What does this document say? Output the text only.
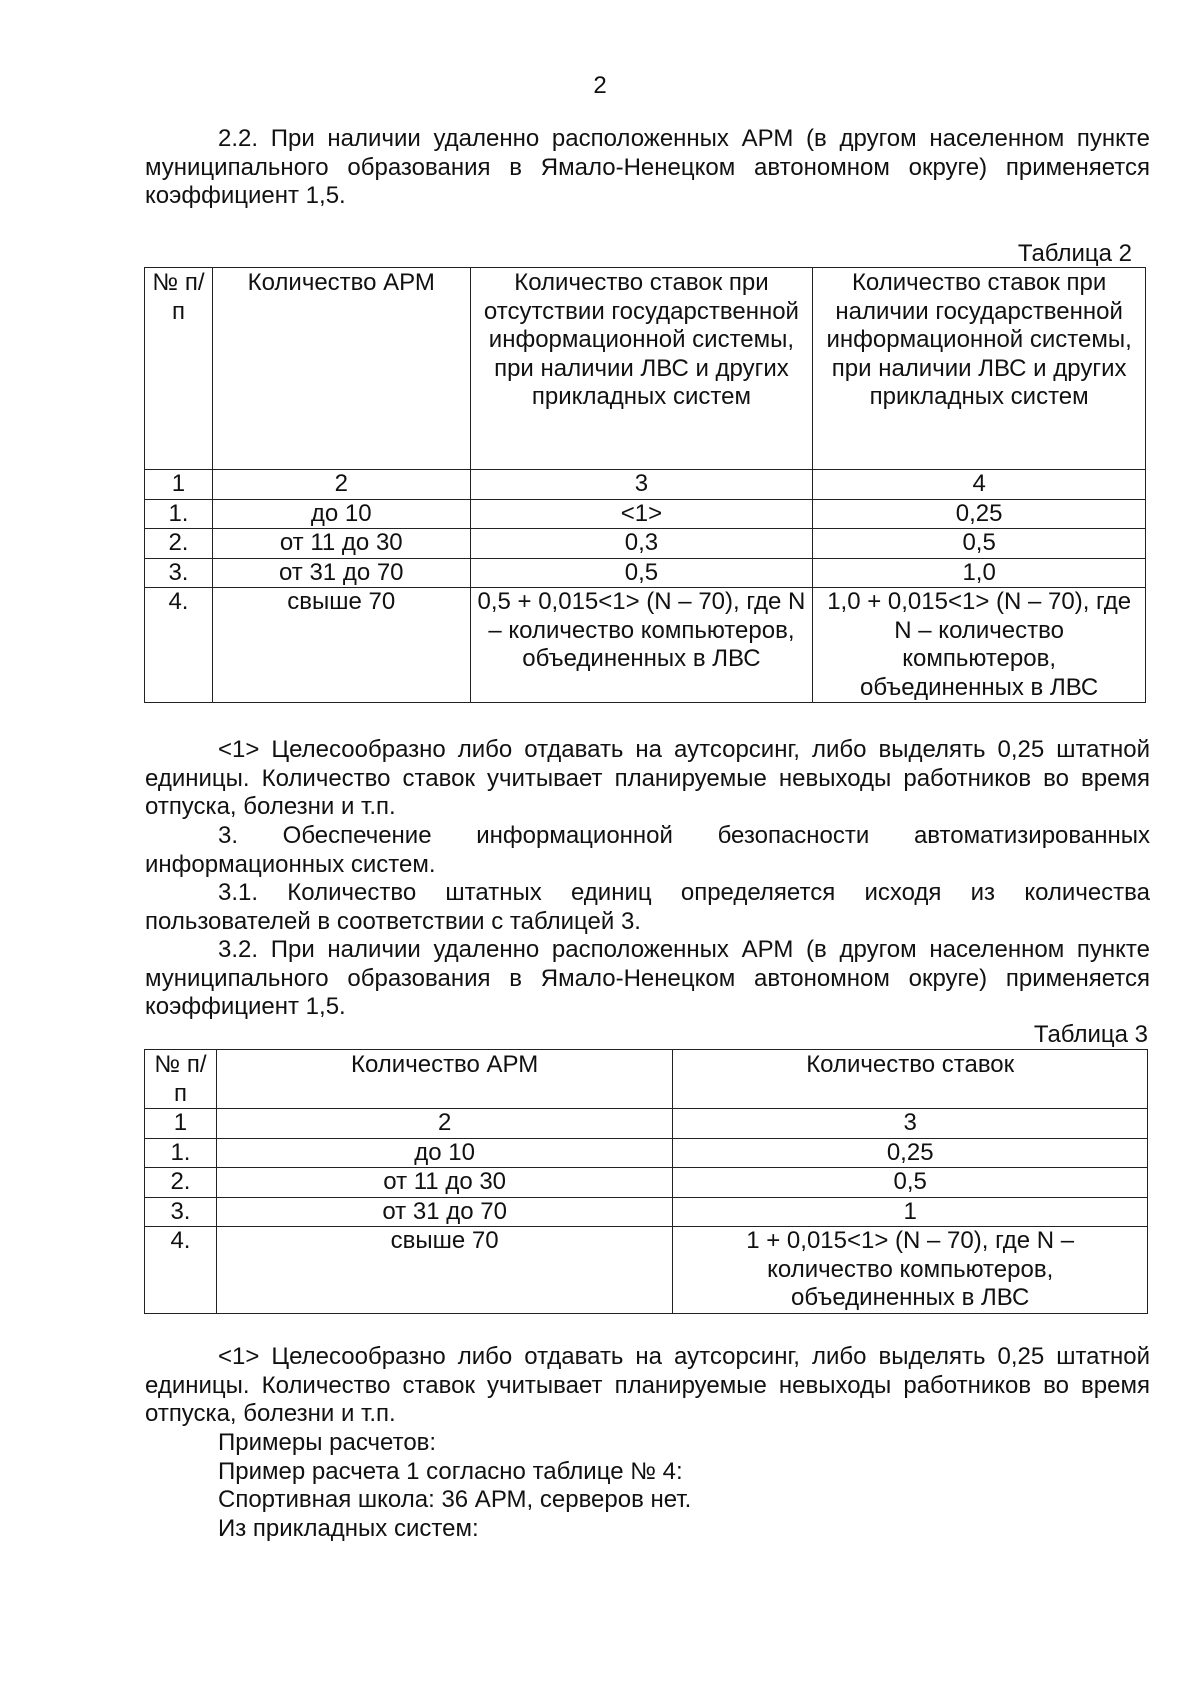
2

2.2. При наличии удаленно расположенных АРМ (в другом населенном пункте муниципального образования в Ямало-Ненецком автономном округе) применяется коэффициент 1,5.

Таблица 2
№ п/п	Количество АРМ	Количество ставок при отсутствии государственной информационной системы, при наличии ЛВС и других прикладных систем	Количество ставок при наличии государственной информационной системы, при наличии ЛВС и других прикладных систем
1	2	3	4
1.	до 10	<1>	0,25
2.	от 11 до 30	0,3	0,5
3.	от 31 до 70	0,5	1,0
4.	свыше 70	0,5 + 0,015<1> (N – 70), где N – количество компьютеров, объединенных в ЛВС	1,0 + 0,015<1> (N – 70), где N – количество компьютеров, объединенных в ЛВС

<1> Целесообразно либо отдавать на аутсорсинг, либо выделять 0,25 штатной единицы. Количество ставок учитывает планируемые невыходы работников во время отпуска, болезни и т.п.

3. Обеспечение информационной безопасности автоматизированных информационных систем.

3.1. Количество штатных единиц определяется исходя из количества пользователей в соответствии с таблицей 3.

3.2. При наличии удаленно расположенных АРМ (в другом населенном пункте муниципального образования в Ямало-Ненецком автономном округе) применяется коэффициент 1,5.

Таблица 3
№ п/п	Количество АРМ	Количество ставок
1	2	3
1.	до 10	0,25
2.	от 11 до 30	0,5
3.	от 31 до 70	1
4.	свыше 70	1 + 0,015<1> (N – 70), где N – количество компьютеров, объединенных в ЛВС

<1> Целесообразно либо отдавать на аутсорсинг, либо выделять 0,25 штатной единицы. Количество ставок учитывает планируемые невыходы работников во время отпуска, болезни и т.п.

Примеры расчетов:

Пример расчета 1 согласно таблице № 4:

Спортивная школа: 36 АРМ, серверов нет.

Из прикладных систем:
